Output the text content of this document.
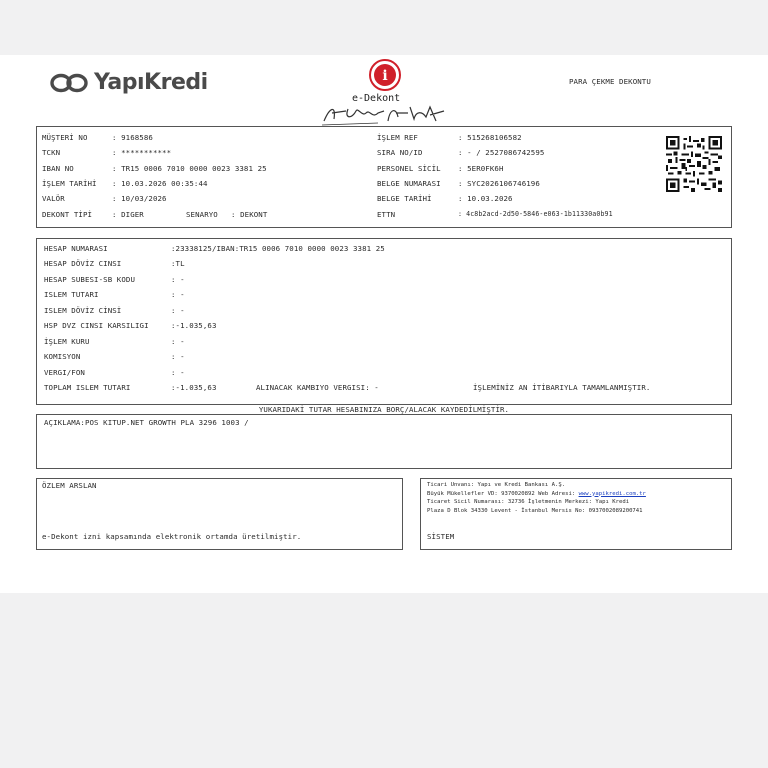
YapıKredi	i
e-Dekont
PARA ÇEKME DEKONTU
MÜŞTERİ NO	: 9168586
TCKN	: ***********
IBAN NO	: TR15 0006 7010 0000 0023 3381 25
İŞLEM TARİHİ : 10.03.2026 00:35:44
VALÖR	: 10/03/2026
DEKONT TİPİ	: DIGER	SENARYO : DEKONT
İŞLEM REF	: 515268106582
SIRA NO/ID	: - / 2527086742595
PERSONEL SİCİL : 5ER0FK6H
BELGE NUMARASI : SYC2026106746196
BELGE TARİHİ	: 10.03.2026
ETTN	: 4c8b2acd-2d50-5846-e063-1b11330a0b91
HESAP NUMARASI	:23338125/IBAN:TR15 0006 7010 0000 0023 3381 25
HESAP DÖVİZ CINSI	:TL
HESAP SUBESI-SB KODU	: -
ISLEM TUTARI	: -
ISLEM DÖVİZ CİNSİ	: -
HSP DVZ CINSI KARSILIGI	:-1.035,63
İŞLEM KURU	: -
KOMISYON	: -
VERGI/FON	: -
TOPLAM ISLEM TUTARI	:-1.035,63	ALINACAK KAMBIYO VERGISI: -	İŞLEMİNİZ AN İTİBARIYLA TAMAMLANMIŞTIR.
YUKARIDAKİ TUTAR HESABINIZA BORÇ/ALACAK KAYDEDİLMİŞTİR.
AÇIKLAMA:POS KITUP.NET GROWTH PLA 3296 1003 /
ÖZLEM ARSLAN
e-Dekont izni kapsamında elektronik ortamda üretilmiştir.
Ticari Unvanı: Yapı ve Kredi Bankası A.Ş.
Büyük Mükellefler VD: 9370020892 Web Adresi: www.yapikredi.com.tr
Ticaret Sicil Numarası: 32736 İşletmenin Merkezi: Yapı Kredi
Plaza D Blok 34330 Levent - İstanbul Mersis No: 0937002089200741
SİSTEM
